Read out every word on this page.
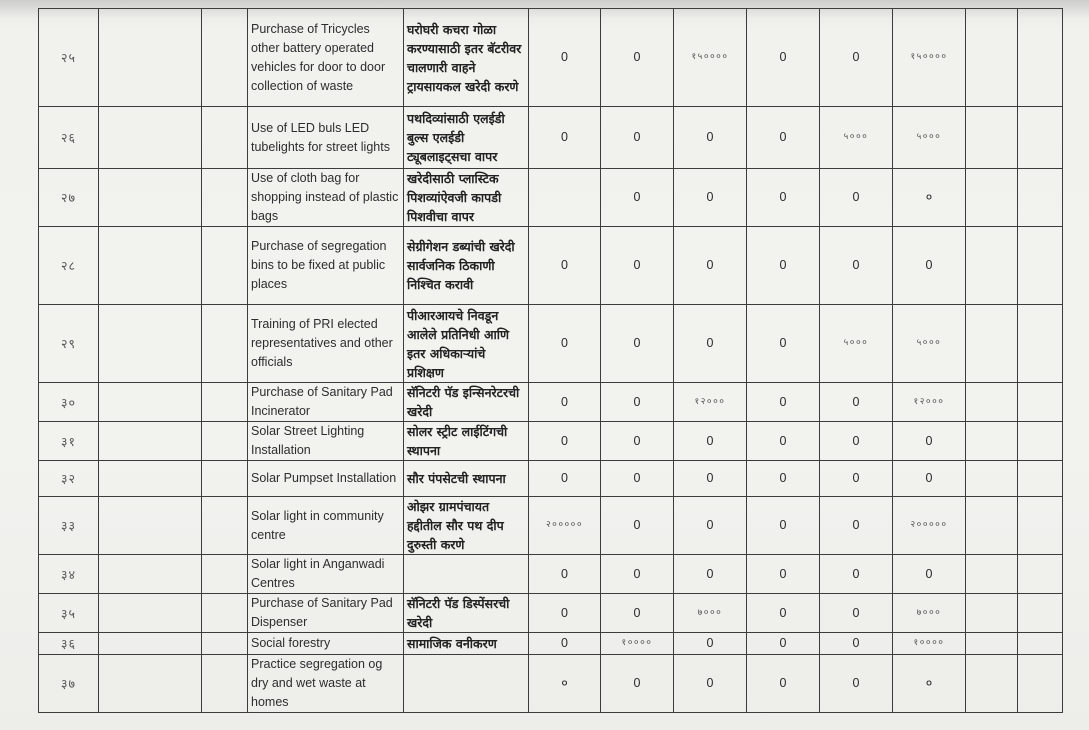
२५			Purchase of Tricycles other battery operated vehicles for door to door collection of waste	घरोघरी कचरा गोळा करण्यासाठी इतर बॅटरीवर चालणारी वाहने ट्रायसायकल खरेदी करणे	0	0	१५००००	0	0	१५००००		
२६			Use of LED buls LED tubelights for street lights	पथदिव्यांसाठी एलईडी बुल्स एलईडी ट्यूबलाइट्सचा वापर	0	0	0	0	५०००	५०००		
२७			Use of cloth bag for shopping instead of plastic bags	खरेदीसाठी प्लास्टिक पिशव्यांऐवजी कापडी पिशवीचा वापर		0	0	0	0	०		
२८			Purchase of segregation bins to be fixed at public places	सेग्रीगेशन डब्यांची खरेदी सार्वजनिक ठिकाणी निश्चित करावी	0	0	0	0	0	0		
२९			Training of PRI elected representatives and other officials	पीआरआयचे निवडून आलेले प्रतिनिधी आणि इतर अधिकाऱ्यांचे प्रशिक्षण	0	0	0	0	५०००	५०००		
३०			Purchase of Sanitary Pad Incinerator	सॅनिटरी पॅड इन्सिनरेटरची खरेदी	0	0	१२०००	0	0	१२०००		
३१			Solar Street Lighting Installation	सोलर स्ट्रीट लाईटिंगची स्थापना	0	0	0	0	0	0		
३२			Solar Pumpset Installation	सौर पंपसेटची स्थापना	0	0	0	0	0	0		
३३			Solar light in community centre	ओझर ग्रामपंचायत हद्दीतील सौर पथ दीप दुरुस्ती करणे	२०००००	0	0	0	0	२०००००		
३४			Solar light in Anganwadi Centres		0	0	0	0	0	0		
३५			Purchase of Sanitary Pad Dispenser	सॅनिटरी पॅड डिस्पेंसरची खरेदी	0	0	७०००	0	0	७०००		
३६			Social forestry	सामाजिक वनीकरण	0	१००००	0	0	0	१००००		
३७			Practice segregation og dry and wet waste at homes		०	0	0	0	0	०		
